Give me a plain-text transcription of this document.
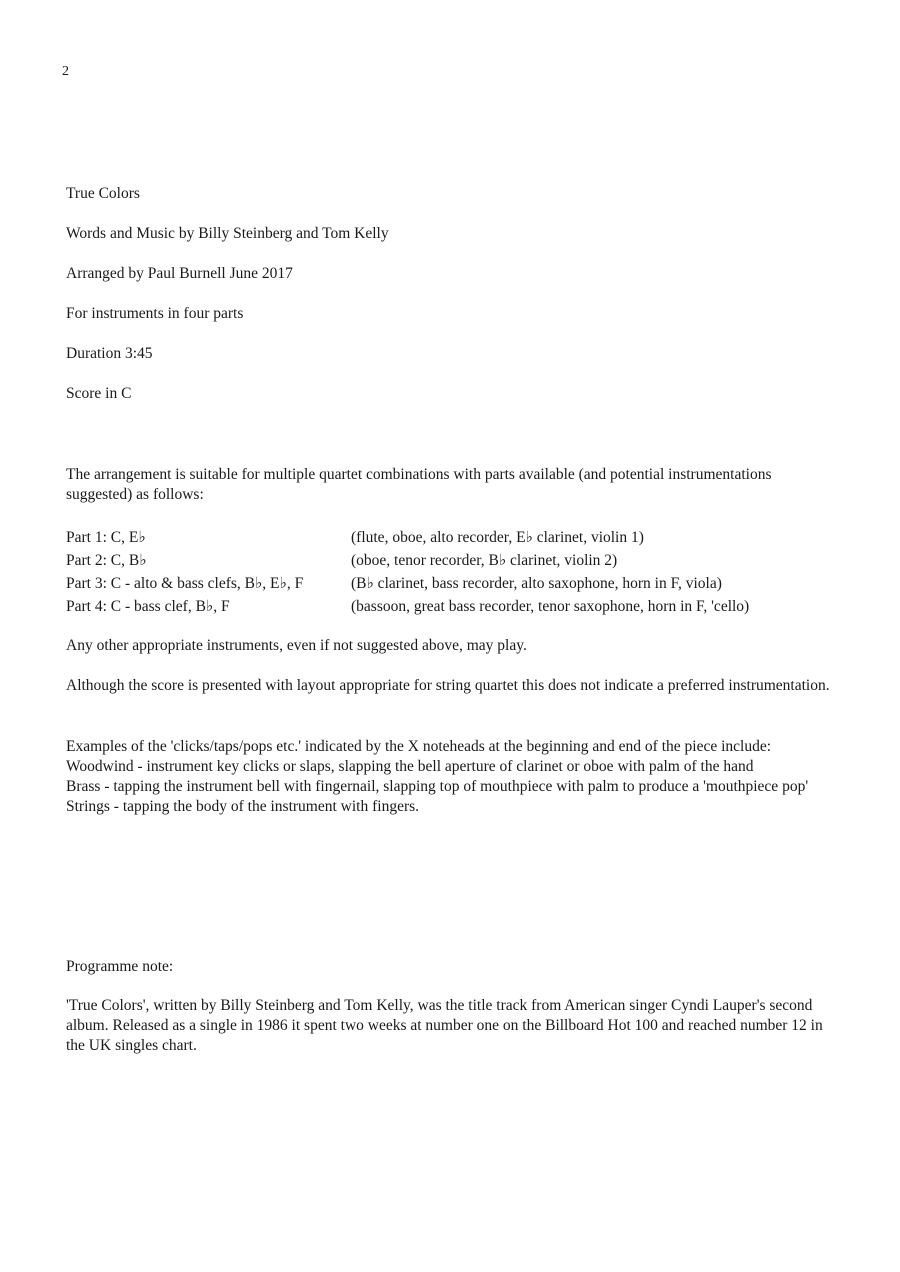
2
True Colors
Words and Music by Billy Steinberg and Tom Kelly
Arranged by Paul Burnell June 2017
For instruments in four parts
Duration 3:45
Score in C

The arrangement is suitable for multiple quartet combinations with parts available (and potential instrumentations suggested) as follows:

Part 1: C, E♭	(flute, oboe, alto recorder, E♭ clarinet, violin 1)
Part 2: C, B♭	(oboe, tenor recorder, B♭ clarinet, violin 2)
Part 3: C - alto & bass clefs, B♭, E♭, F	(B♭ clarinet, bass recorder, alto saxophone, horn in F, viola)
Part 4: C - bass clef, B♭, F	(bassoon, great bass recorder, tenor saxophone, horn in F, 'cello)

Any other appropriate instruments, even if not suggested above, may play.

Although the score is presented with layout appropriate for string quartet this does not indicate a preferred instrumentation.

Examples of the 'clicks/taps/pops etc.' indicated by the X noteheads at the beginning and end of the piece include:

Woodwind - instrument key clicks or slaps, slapping the bell aperture of clarinet or oboe with palm of the hand

Brass - tapping the instrument bell with fingernail, slapping top of mouthpiece with palm to produce a 'mouthpiece pop'

Strings - tapping the body of the instrument with fingers.

Programme note:

'True Colors', written by Billy Steinberg and Tom Kelly, was the title track from American singer Cyndi Lauper's second album. Released as a single in 1986 it spent two weeks at number one on the Billboard Hot 100 and reached number 12 in the UK singles chart.
